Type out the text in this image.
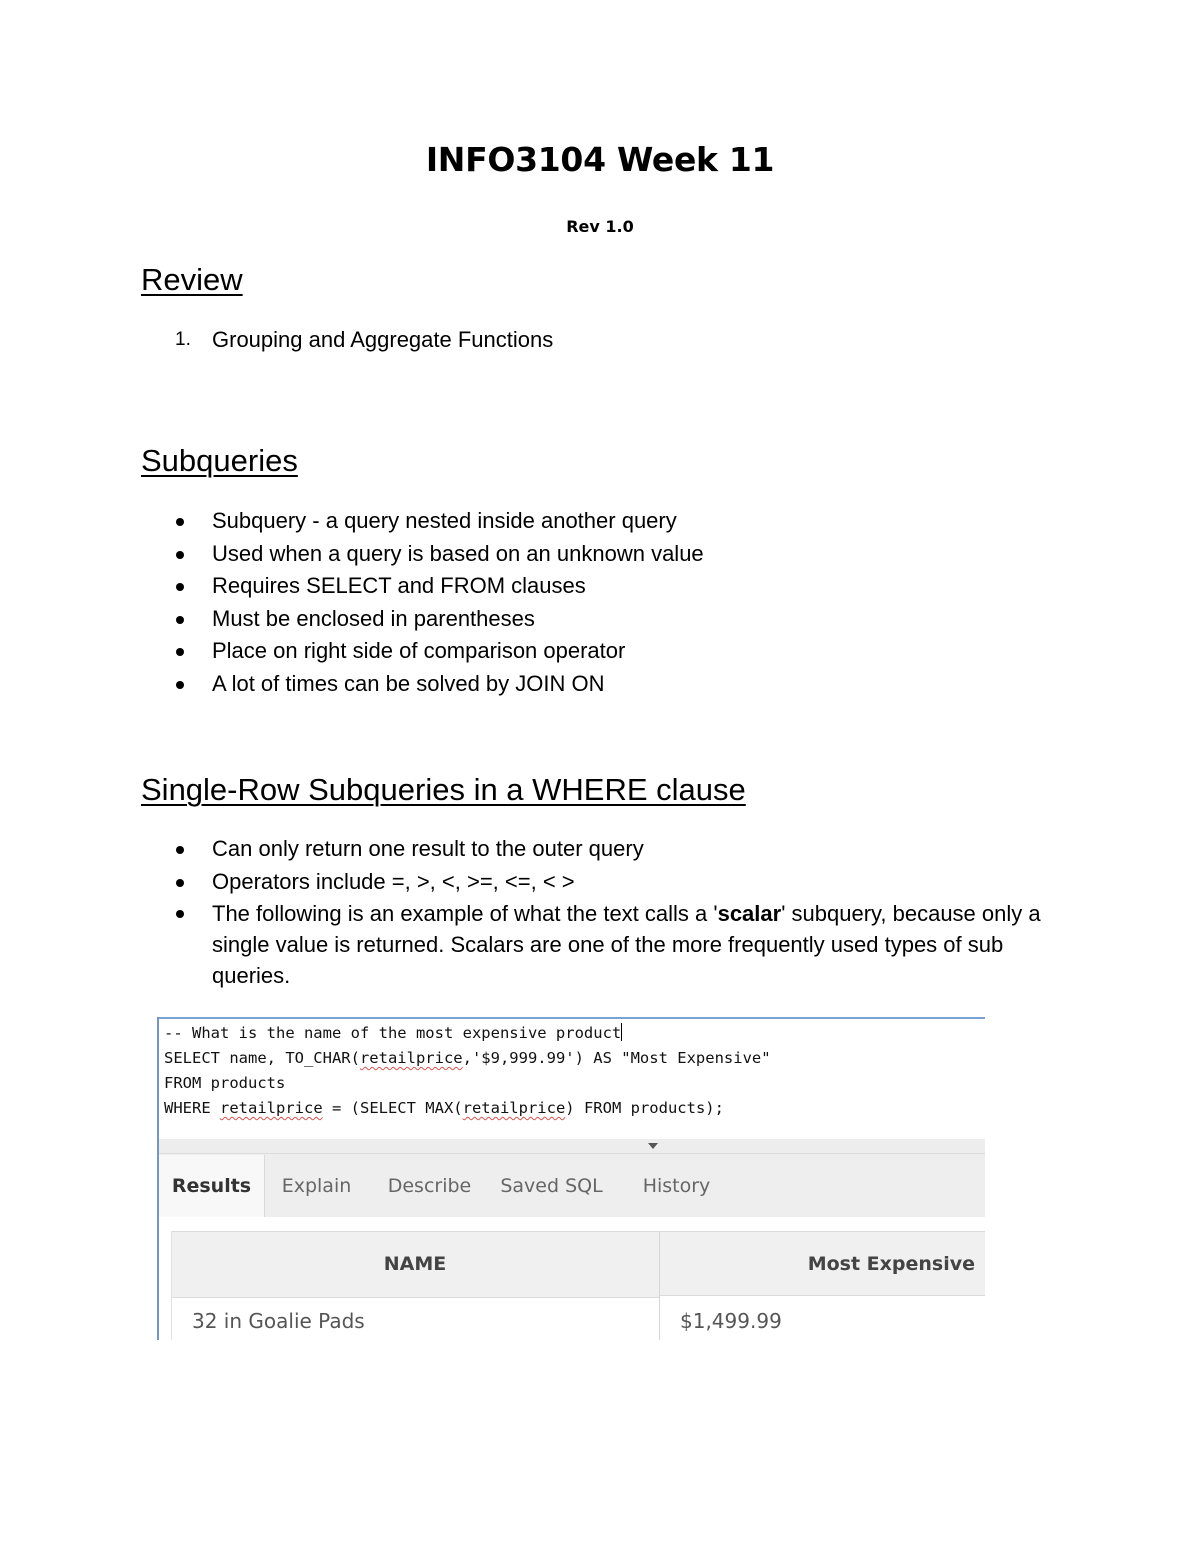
INFO3104 Week 11
Rev 1.0
Review
1. Grouping and Aggregate Functions
Subqueries
Subquery - a query nested inside another query
Used when a query is based on an unknown value
Requires SELECT and FROM clauses
Must be enclosed in parentheses
Place on right side of comparison operator
A lot of times can be solved by JOIN ON
Single-Row Subqueries in a WHERE clause
Can only return one result to the outer query
Operators include =, >, <, >=, <=, < >
The following is an example of what the text calls a 'scalar' subquery, because only a single value is returned. Scalars are one of the more frequently used types of sub queries.
-- What is the name of the most expensive product
SELECT name, TO_CHAR(retailprice,'$9,999.99') AS "Most Expensive"
FROM products
WHERE retailprice = (SELECT MAX(retailprice) FROM products);
Results	Explain	Describe	Saved SQL	History
NAME	Most Expensive
32 in Goalie Pads	$1,499.99
